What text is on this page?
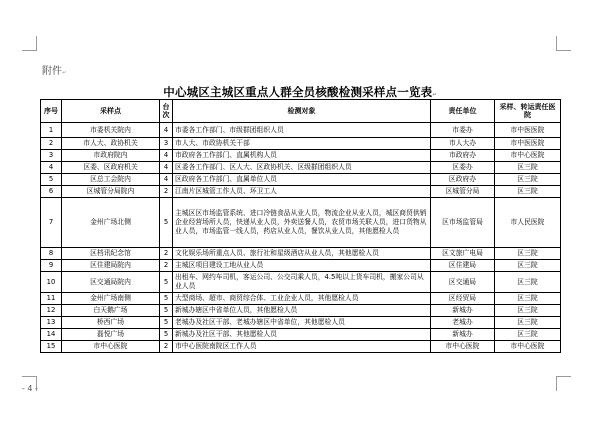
附件↵
中心城区主城区重点人群全员核酸检测采样点一览表↵
序号	采样点	台次	检测对象	责任单位	采样、转运责任医院
1	市委机关院内	4	市委各工作部门、市级群团组织人员	市委办	市中医医院
2	市人大、政协机关	3	市人大、市政协机关干部	市人大办	市中医医院
3	市政府院内	4	市政府各工作部门、直属机构人员	市政府办	市中心医院
4	区委、区政府机关	4	区委各工作部门、区人大、区政协机关、区级群团组织人员	区委办	区三院
5	区总工会院内	4	区政府各工作部门、直属单位人员	区政府办	区三院
6	区城管分局院内	2	江南片区城管工作人员、环卫工人	区城管分局	区三院
7	金州广场北侧	5	主城区区市场监管系统、进口冷链食品从业人员，物流企业从业人员，城区商贸供销企业经营场所人员，快递从业人员，外卖送餐人员，农贸市场关联人员，进口货物从业人员，市场监管一线人员，药店从业人员，餐饮从业人员，其他愿检人员	区市场监管局	市人民医院
8	区档讯纪念馆	2	文化娱乐场所重点人员、旅行社和星级酒店从业人员，其他愿检人员	区文旅广电局	区三院
9	区住建局院内	2	主城区项目建设工地从业人员	区住建局	区三院
10	区交通局院内	5	出租车、网约车司机，客运公司、公交司乘人员，4.5吨以上货车司机，搬家公司从业人员	区交通局	区三院
11	金州广场南侧	5	大型商场、超市、商贸综合体、工业企业人员，其他愿检人员	区经贸局	区三院
12	白天鹅广场	5	新城办辖区中省单位人员，其他愿检人员	新城办	区三院
13	桥西广场	5	老城办及社区干部、老城办辖区中省单位，其他愿检人员	老城办	区三院
14	磊悦广场	5	新城办及社区干部、其他愿检人员	新城办	区三院
15	市中心医院	2	市中心医院南院区工作人员	市中心医院	市中心医院
- 4 -
